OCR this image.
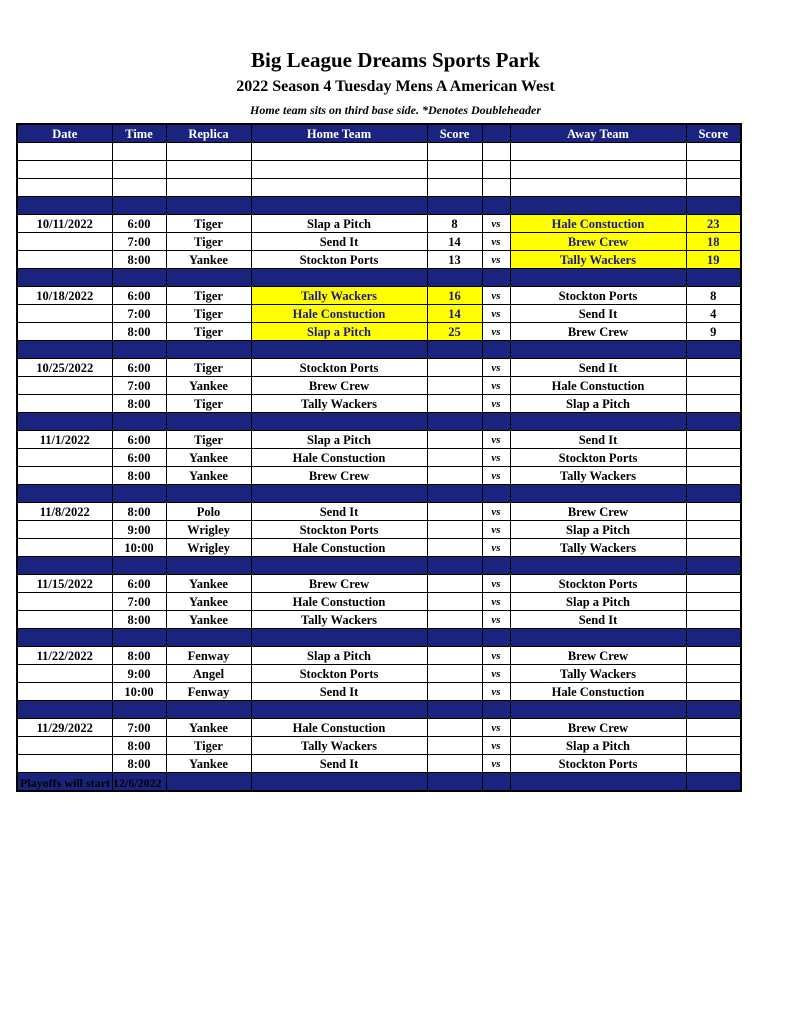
Big League Dreams Sports Park
2022 Season 4 Tuesday Mens A American West
Home team sits on third base side. *Denotes Doubleheader
Date	Time	Replica	Home Team	Score		Away Team	Score

10/11/2022	6:00	Tiger	Slap a Pitch	8	vs	Hale Constuction	23
	7:00	Tiger	Send It	14	vs	Brew Crew	18
	8:00	Yankee	Stockton Ports	13	vs	Tally Wackers	19

10/18/2022	6:00	Tiger	Tally Wackers	16	vs	Stockton Ports	8
	7:00	Tiger	Hale Constuction	14	vs	Send It	4
	8:00	Tiger	Slap a Pitch	25	vs	Brew Crew	9

10/25/2022	6:00	Tiger	Stockton Ports		vs	Send It	
	7:00	Yankee	Brew Crew		vs	Hale Constuction	
	8:00	Tiger	Tally Wackers		vs	Slap a Pitch	

11/1/2022	6:00	Tiger	Slap a Pitch		vs	Send It	
	6:00	Yankee	Hale Constuction		vs	Stockton Ports	
	8:00	Yankee	Brew Crew		vs	Tally Wackers	

11/8/2022	8:00	Polo	Send It		vs	Brew Crew	
	9:00	Wrigley	Stockton Ports		vs	Slap a Pitch	
	10:00	Wrigley	Hale Constuction		vs	Tally Wackers	

11/15/2022	6:00	Yankee	Brew Crew		vs	Stockton Ports	
	7:00	Yankee	Hale Constuction		vs	Slap a Pitch	
	8:00	Yankee	Tally Wackers		vs	Send It	

11/22/2022	8:00	Fenway	Slap a Pitch		vs	Brew Crew	
	9:00	Angel	Stockton Ports		vs	Tally Wackers	
	10:00	Fenway	Send It		vs	Hale Constuction	

11/29/2022	7:00	Yankee	Hale Constuction		vs	Brew Crew	
	8:00	Tiger	Tally Wackers		vs	Slap a Pitch	
	8:00	Yankee	Send It		vs	Stockton Ports	

Playoffs will start 12/6/2022
